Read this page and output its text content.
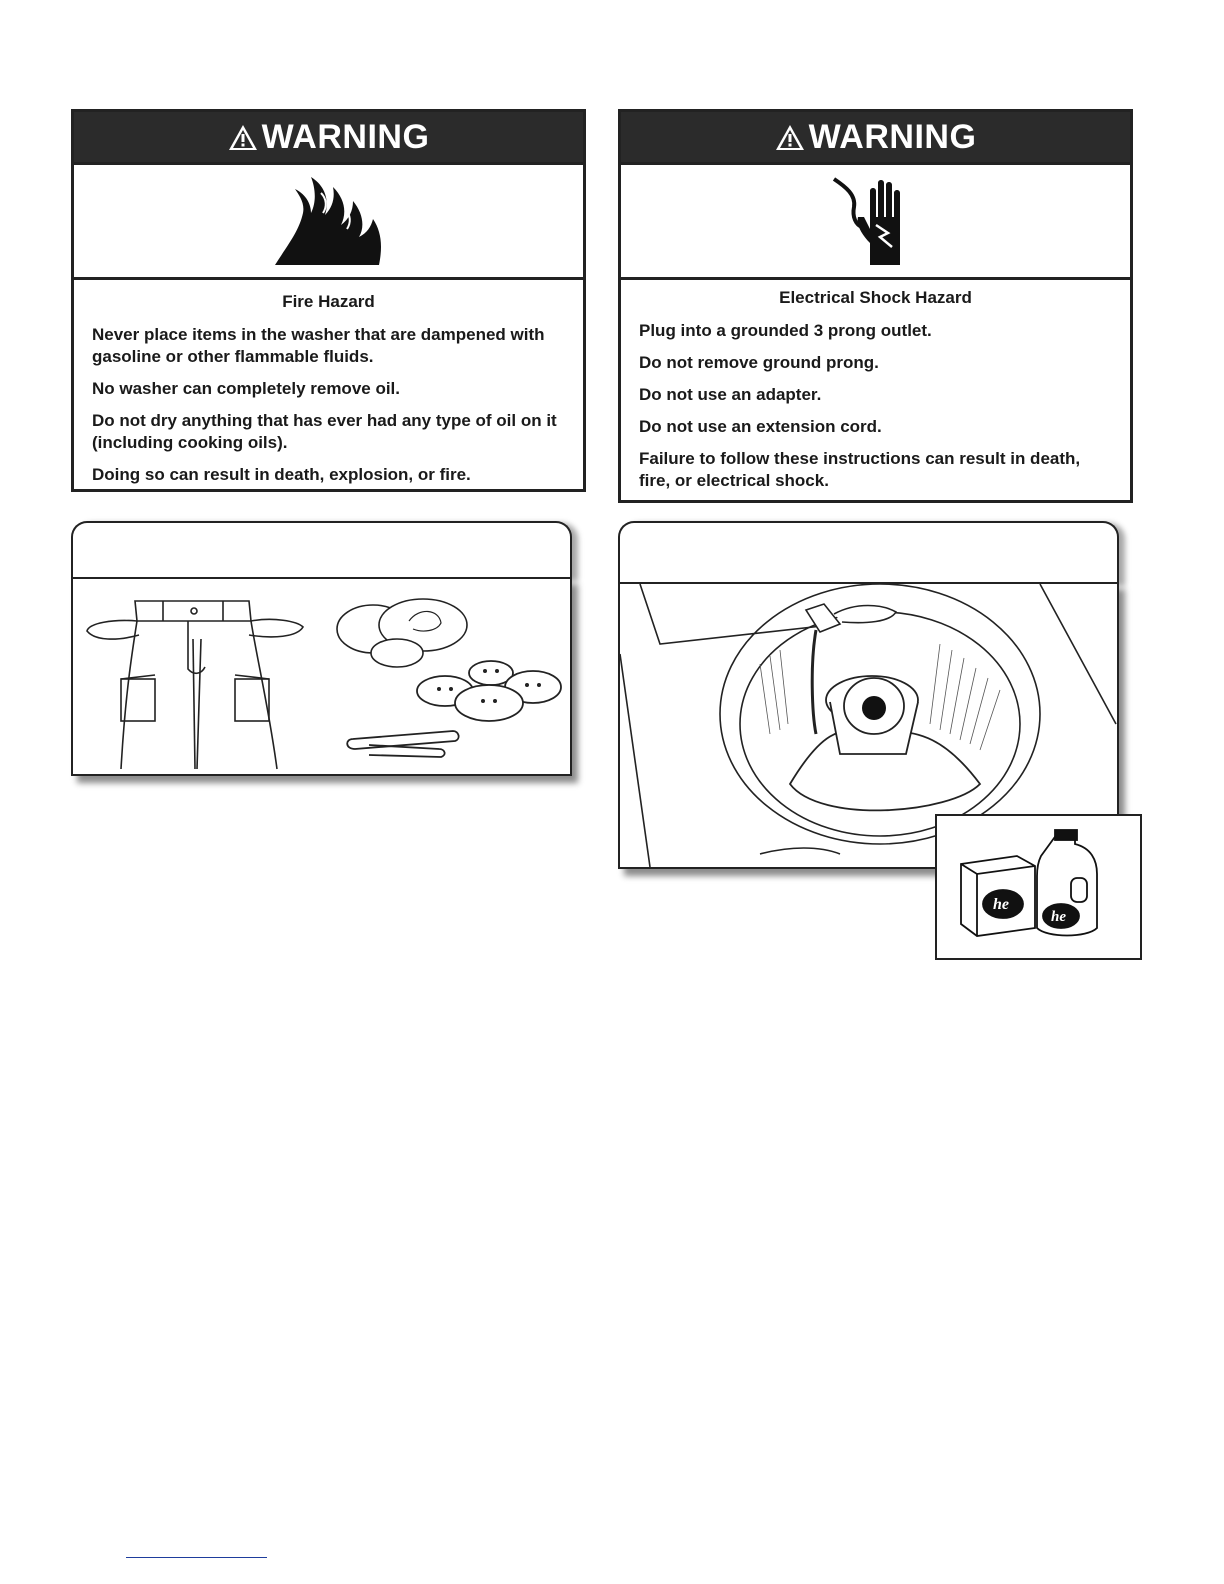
WARNING
Fire Hazard

Never place items in the washer that are dampened with gasoline or other flammable fluids.

No washer can completely remove oil.

Do not dry anything that has ever had any type of oil on it (including cooking oils).

Doing so can result in death, explosion, or fire.

WARNING
Electrical Shock Hazard

Plug into a grounded 3 prong outlet.

Do not remove ground prong.

Do not use an adapter.

Do not use an extension cord.

Failure to follow these instructions can result in death, fire, or electrical shock.

he
he
